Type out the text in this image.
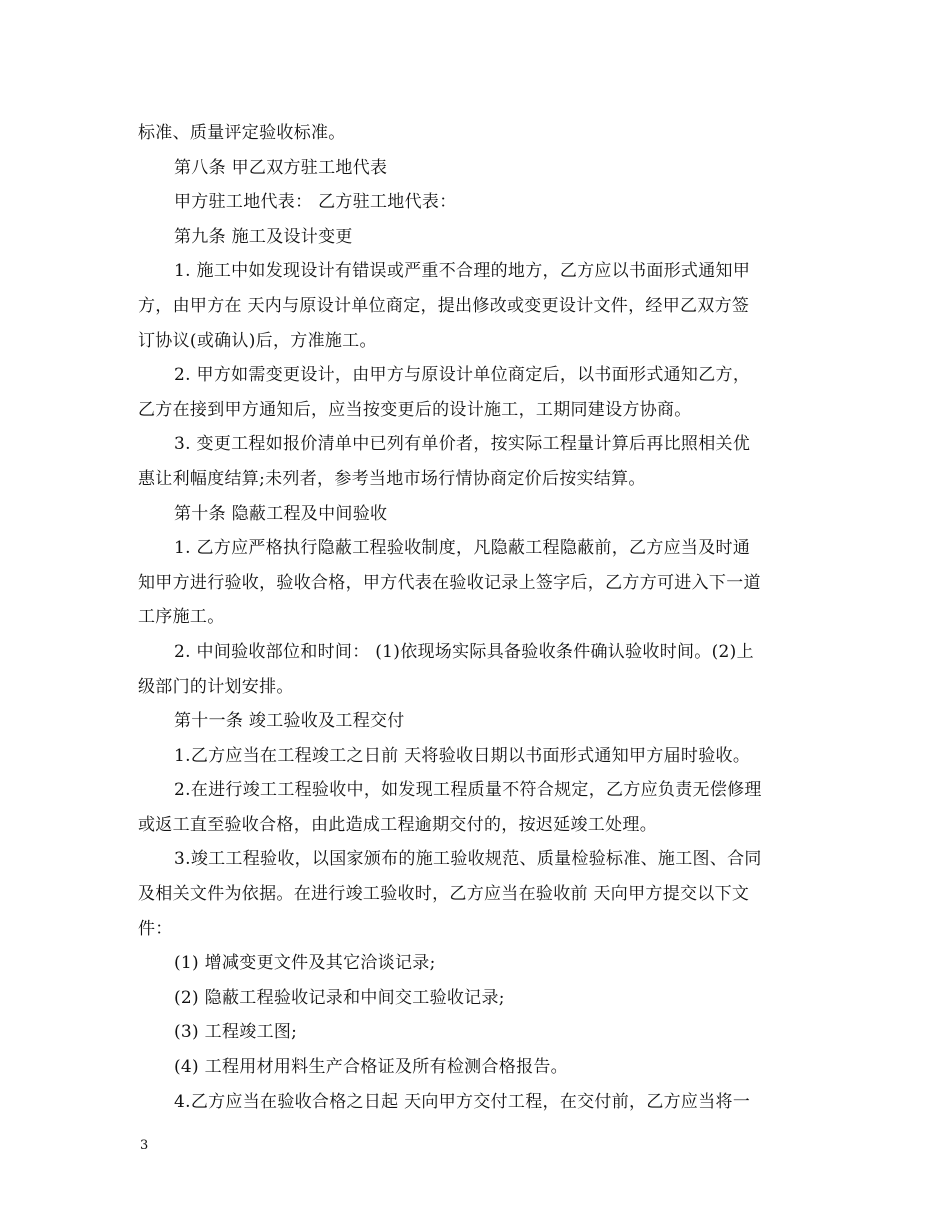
标准、质量评定验收标准。
第八条 甲乙双方驻工地代表
甲方驻工地代表： 乙方驻工地代表：
第九条 施工及设计变更
1. 施工中如发现设计有错误或严重不合理的地方，乙方应以书面形式通知甲
方，由甲方在 天内与原设计单位商定，提出修改或变更设计文件，经甲乙双方签
订协议(或确认)后，方准施工。
2. 甲方如需变更设计，由甲方与原设计单位商定后，以书面形式通知乙方，
乙方在接到甲方通知后，应当按变更后的设计施工，工期同建设方协商。
3. 变更工程如报价清单中已列有单价者，按实际工程量计算后再比照相关优
惠让利幅度结算;未列者，参考当地市场行情协商定价后按实结算。
第十条 隐蔽工程及中间验收
1. 乙方应严格执行隐蔽工程验收制度，凡隐蔽工程隐蔽前，乙方应当及时通
知甲方进行验收，验收合格，甲方代表在验收记录上签字后，乙方方可进入下一道
工序施工。
2. 中间验收部位和时间： (1)依现场实际具备验收条件确认验收时间。(2)上
级部门的计划安排。
第十一条 竣工验收及工程交付
1.乙方应当在工程竣工之日前 天将验收日期以书面形式通知甲方届时验收。
2.在进行竣工工程验收中，如发现工程质量不符合规定，乙方应负责无偿修理
或返工直至验收合格，由此造成工程逾期交付的，按迟延竣工处理。
3.竣工工程验收，以国家颁布的施工验收规范、质量检验标准、施工图、合同
及相关文件为依据。在进行竣工验收时，乙方应当在验收前 天向甲方提交以下文
件：
(1) 增减变更文件及其它洽谈记录;
(2) 隐蔽工程验收记录和中间交工验收记录;
(3) 工程竣工图;
(4) 工程用材用料生产合格证及所有检测合格报告。
4.乙方应当在验收合格之日起 天向甲方交付工程，在交付前，乙方应当将一
3
